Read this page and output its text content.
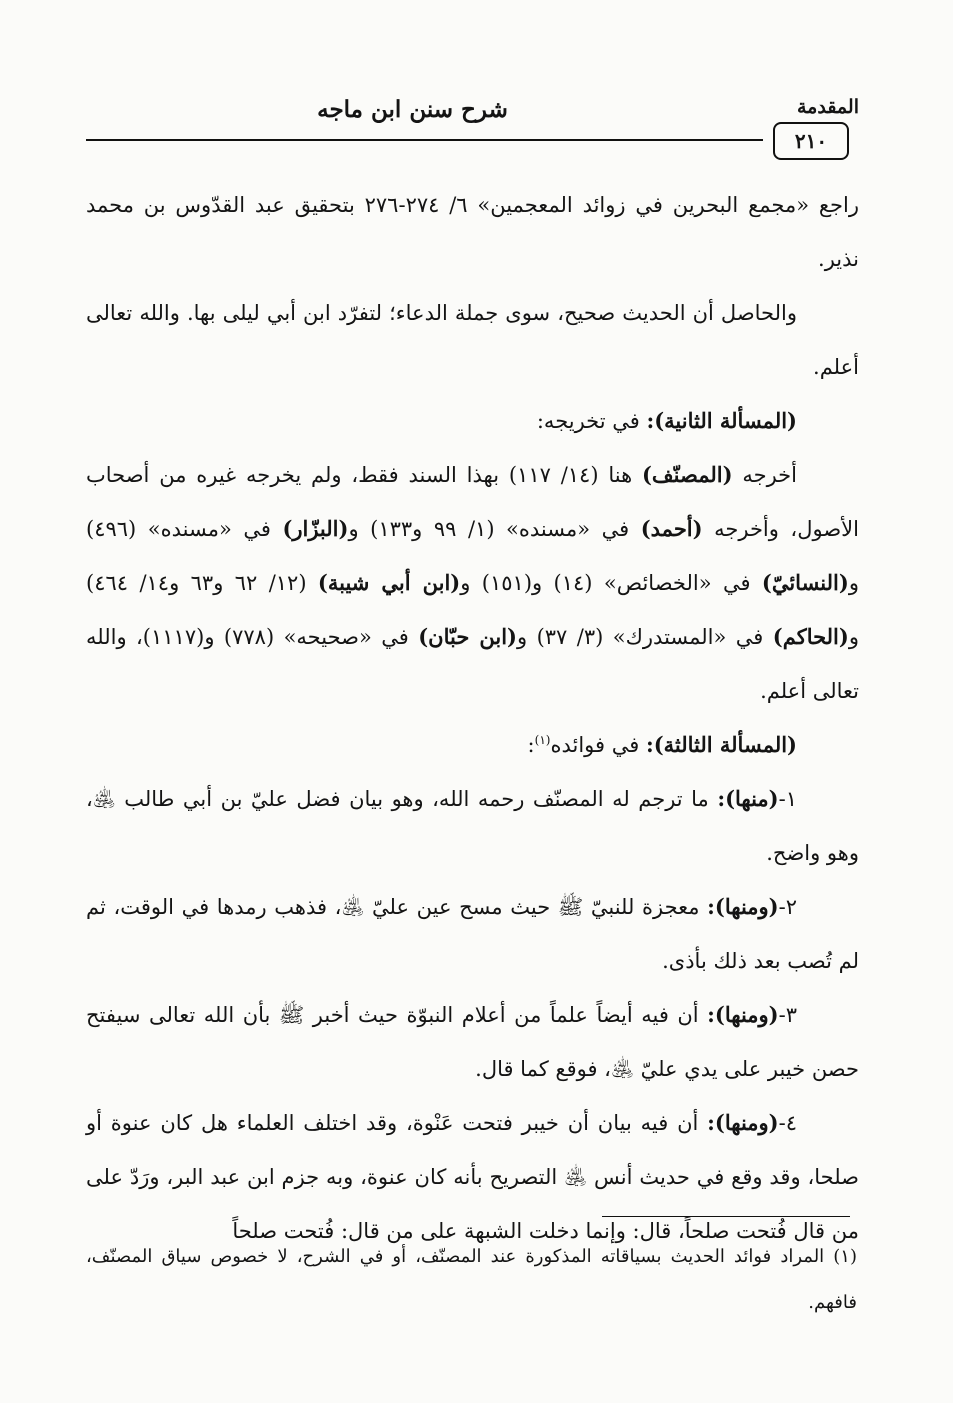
المقدمة
شرح سنن ابن ماجه
٢١٠

راجع «مجمع البحرين في زوائد المعجمين» ٦/ ٢٧٤-٢٧٦ بتحقيق عبد القدّوس بن محمد نذير.

والحاصل أن الحديث صحيح، سوى جملة الدعاء؛ لتفرّد ابن أبي ليلى بها. والله تعالى أعلم.

(المسألة الثانية): في تخريجه:

أخرجه (المصنّف) هنا (١٤/ ١١٧) بهذا السند فقط، ولم يخرجه غيره من أصحاب الأصول، وأخرجه (أحمد) في «مسنده» (١/ ٩٩ و١٣٣) و(البزّار) في «مسنده» (٤٩٦) و(النسائيّ) في «الخصائص» (١٤) و(١٥١) و(ابن أبي شيبة) (١٢/ ٦٢ و٦٣ و١٤/ ٤٦٤) و(الحاكم) في «المستدرك» (٣/ ٣٧) و(ابن حبّان) في «صحيحه» (٧٧٨) و(١١١٧)، والله تعالى أعلم.

(المسألة الثالثة): في فوائده$^{(١)}$:

١-(منها): ما ترجم له المصنّف رحمه الله، وهو بيان فضل عليّ بن أبي طالب ﵁، وهو واضح.

٢-(ومنها): معجزة للنبيّ ﷺ حيث مسح عين عليّ ﵁، فذهب رمدها في الوقت، ثم لم تُصب بعد ذلك بأذى.

٣-(ومنها): أن فيه أيضاً علماً من أعلام النبوّة حيث أخبر ﷺ بأن الله تعالى سيفتح حصن خيبر على يدي عليّ ﵁، فوقع كما قال.

٤-(ومنها): أن فيه بيان أن خيبر فتحت عَنْوة، وقد اختلف العلماء هل كان عنوة أو صلحا، وقد وقع في حديث أنس ﵁ التصريح بأنه كان عنوة، وبه جزم ابن عبد البر، ورَدّ على من قال فُتحت صلحاً، قال: وإنما دخلت الشبهة على من قال: فُتحت صلحاً

(١) المراد فوائد الحديث بسياقاته المذكورة عند المصنّف، أو في الشرح، لا خصوص سياق المصنّف، فافهم.
